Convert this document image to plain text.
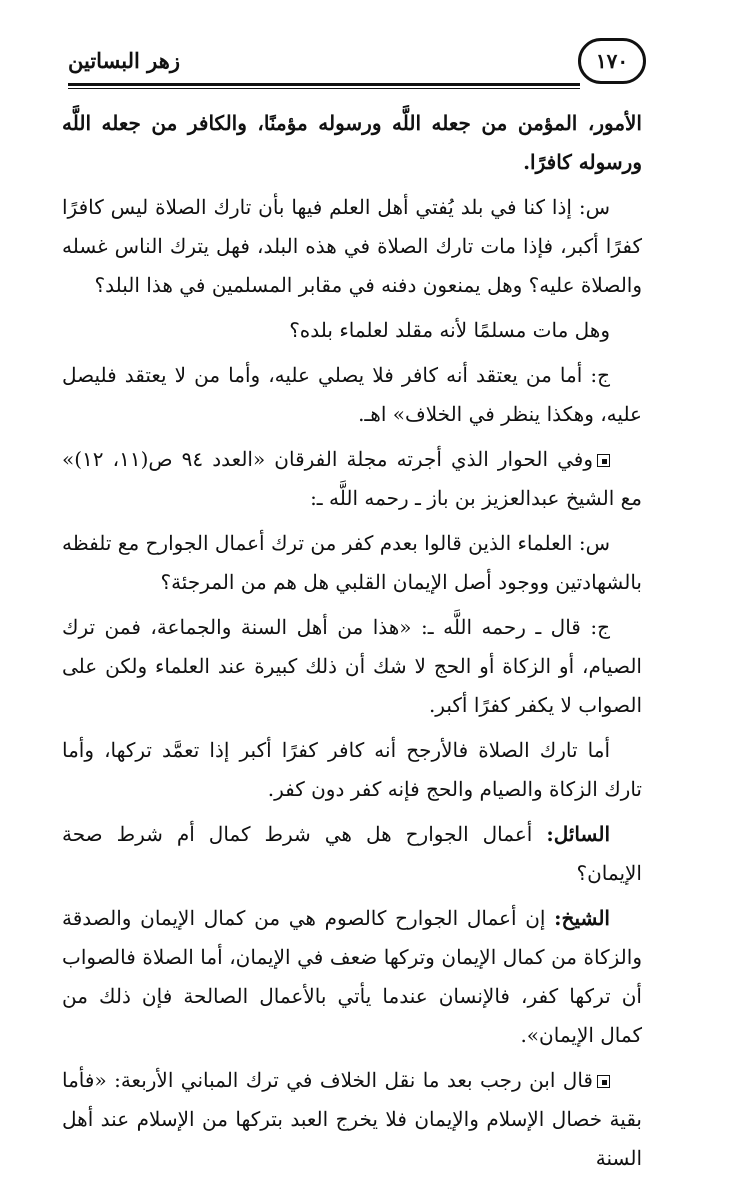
زهر البساتين	١٧٠

الأمور، المؤمن من جعله اللَّه ورسوله مؤمنًا، والكافر من جعله اللَّه ورسوله كافرًا.

س: إذا كنا في بلد يُفتي أهل العلم فيها بأن تارك الصلاة ليس كافرًا كفرًا أكبر، فإذا مات تارك الصلاة في هذه البلد، فهل يترك الناس غسله والصلاة عليه؟ وهل يمنعون دفنه في مقابر المسلمين في هذا البلد؟

وهل مات مسلمًا لأنه مقلد لعلماء بلده؟

ج: أما من يعتقد أنه كافر فلا يصلي عليه، وأما من لا يعتقد فليصل عليه، وهكذا ينظر في الخلاف» اهـ.

وفي الحوار الذي أجرته مجلة الفرقان «العدد ٩٤ ص(١١، ١٢)» مع الشيخ عبدالعزيز بن باز ـ رحمه اللَّه ـ:

س: العلماء الذين قالوا بعدم كفر من ترك أعمال الجوارح مع تلفظه بالشهادتين ووجود أصل الإيمان القلبي هل هم من المرجئة؟

ج: قال ـ رحمه اللَّه ـ: «هذا من أهل السنة والجماعة، فمن ترك الصيام، أو الزكاة أو الحج لا شك أن ذلك كبيرة عند العلماء ولكن على الصواب لا يكفر كفرًا أكبر.

أما تارك الصلاة فالأرجح أنه كافر كفرًا أكبر إذا تعمَّد تركها، وأما تارك الزكاة والصيام والحج فإنه كفر دون كفر.

السائل: أعمال الجوارح هل هي شرط كمال أم شرط صحة الإيمان؟

الشيخ: إن أعمال الجوارح كالصوم هي من كمال الإيمان والصدقة والزكاة من كمال الإيمان وتركها ضعف في الإيمان، أما الصلاة فالصواب أن تركها كفر، فالإنسان عندما يأتي بالأعمال الصالحة فإن ذلك من كمال الإيمان».

قال ابن رجب بعد ما نقل الخلاف في ترك المباني الأربعة: «فأما بقية خصال الإسلام والإيمان فلا يخرج العبد بتركها من الإسلام عند أهل السنة
